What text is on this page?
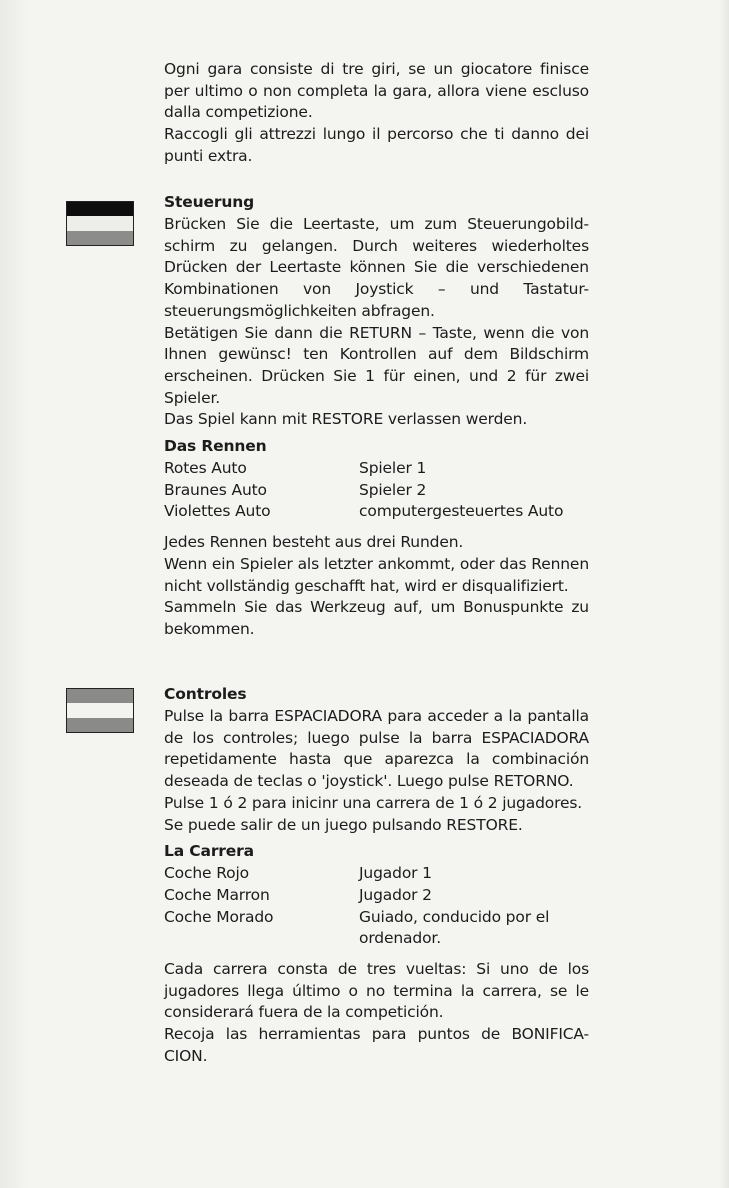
Ogni gara consiste di tre giri, se un giocatore finisce per ultimo o non completa la gara, allora viene escluso dalla competizione.
Raccogli gli attrezzi lungo il percorso che ti danno dei punti extra.

Steuerung

Brücken Sie die Leertaste, um zum Steuerungobild-schirm zu gelangen. Durch weiteres wiederholtes Drücken der Leertaste können Sie die verschiedenen Kombinationen von Joystick – und Tastatur-steuerungsmöglichkeiten abfragen.
Betätigen Sie dann die RETURN – Taste, wenn die von Ihnen gewünsc! ten Kontrollen auf dem Bildschirm erscheinen. Drücken Sie 1 für einen, und 2 für zwei Spieler.
Das Spiel kann mit RESTORE verlassen werden.

Das Rennen
Rotes Auto	Spieler 1
Braunes Auto	Spieler 2
Violettes Auto	computergesteuertes Auto

Jedes Rennen besteht aus drei Runden.
Wenn ein Spieler als letzter ankommt, oder das Rennen nicht vollständig geschafft hat, wird er disqualifiziert.
Sammeln Sie das Werkzeug auf, um Bonuspunkte zu bekommen.

Controles

Pulse la barra ESPACIADORA para acceder a la pantalla de los controles; luego pulse la barra ESPACIADORA repetidamente hasta que aparezca la combinación deseada de teclas o 'joystick'. Luego pulse RETORNO.
Pulse 1 ó 2 para inicinr una carrera de 1 ó 2 jugadores.
Se puede salir de un juego pulsando RESTORE.

La Carrera
Coche Rojo	Jugador 1
Coche Marron	Jugador 2
Coche Morado	Guiado, conducido por el ordenador.

Cada carrera consta de tres vueltas: Si uno de los jugadores llega último o no termina la carrera, se le considerará fuera de la competición.
Recoja las herramientas para puntos de BONIFICA-CION.
